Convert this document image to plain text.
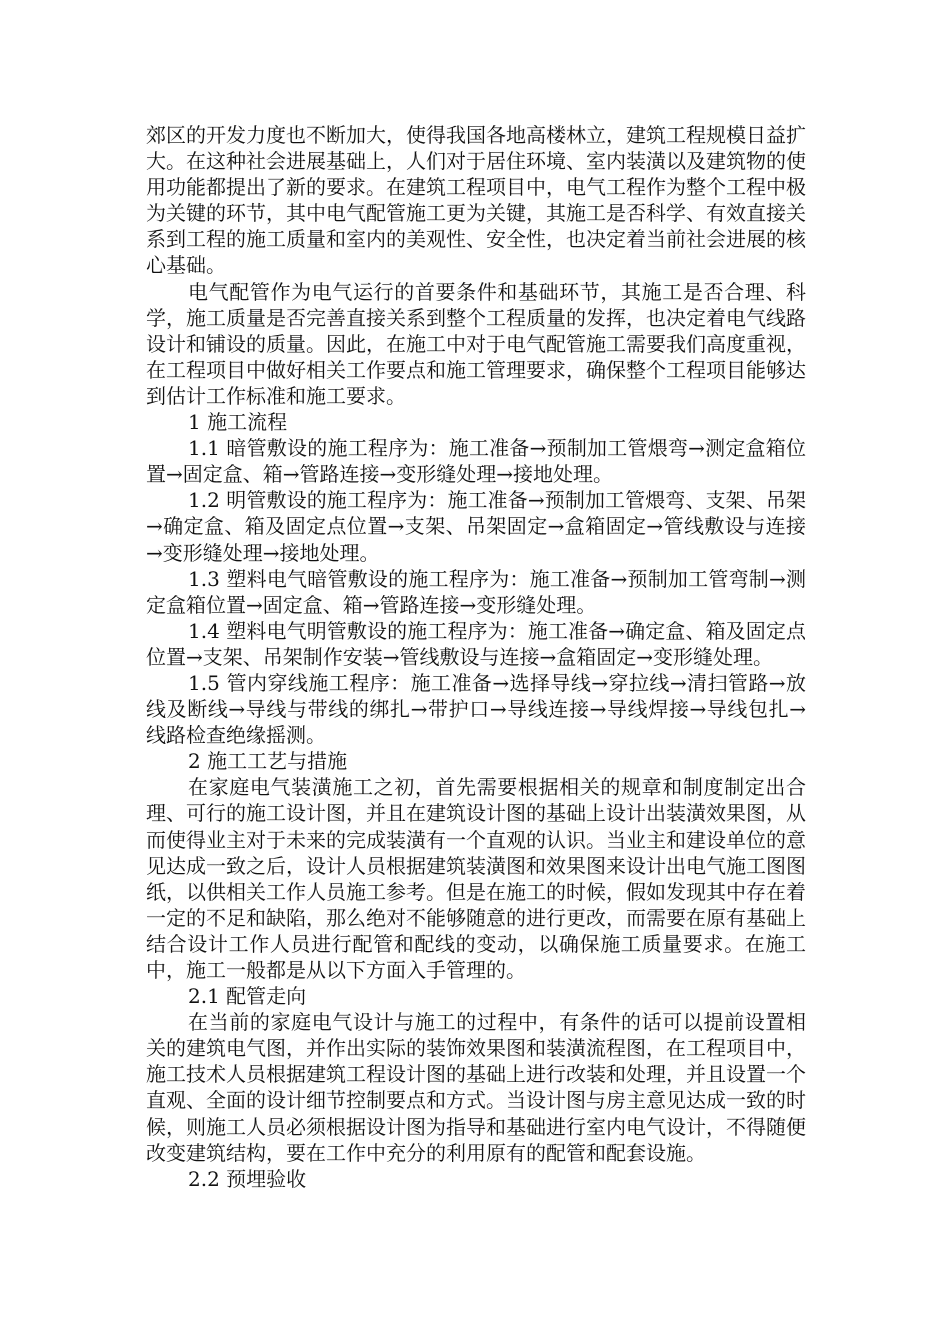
郊区的开发力度也不断加大，使得我国各地高楼林立，建筑工程规模日益扩大。在这种社会进展基础上，人们对于居住环境、室内装潢以及建筑物的使用功能都提出了新的要求。在建筑工程项目中，电气工程作为整个工程中极为关键的环节，其中电气配管施工更为关键，其施工是否科学、有效直接关系到工程的施工质量和室内的美观性、安全性，也决定着当前社会进展的核心基础。

电气配管作为电气运行的首要条件和基础环节，其施工是否合理、科学，施工质量是否完善直接关系到整个工程质量的发挥，也决定着电气线路设计和铺设的质量。因此，在施工中对于电气配管施工需要我们高度重视，在工程项目中做好相关工作要点和施工管理要求，确保整个工程项目能够达到估计工作标准和施工要求。

1 施工流程

1.1 暗管敷设的施工程序为：施工准备→预制加工管煨弯→测定盒箱位置→固定盒、箱→管路连接→变形缝处理→接地处理。

1.2 明管敷设的施工程序为：施工准备→预制加工管煨弯、支架、吊架→确定盒、箱及固定点位置→支架、吊架固定→盒箱固定→管线敷设与连接→变形缝处理→接地处理。

1.3 塑料电气暗管敷设的施工程序为：施工准备→预制加工管弯制→测定盒箱位置→固定盒、箱→管路连接→变形缝处理。

1.4 塑料电气明管敷设的施工程序为：施工准备→确定盒、箱及固定点位置→支架、吊架制作安装→管线敷设与连接→盒箱固定→变形缝处理。

1.5 管内穿线施工程序：施工准备→选择导线→穿拉线→清扫管路→放线及断线→导线与带线的绑扎→带护口→导线连接→导线焊接→导线包扎→线路检查绝缘摇测。

2 施工工艺与措施

在家庭电气装潢施工之初，首先需要根据相关的规章和制度制定出合理、可行的施工设计图，并且在建筑设计图的基础上设计出装潢效果图，从而使得业主对于未来的完成装潢有一个直观的认识。当业主和建设单位的意见达成一致之后，设计人员根据建筑装潢图和效果图来设计出电气施工图图纸，以供相关工作人员施工参考。但是在施工的时候，假如发现其中存在着一定的不足和缺陷，那么绝对不能够随意的进行更改，而需要在原有基础上结合设计工作人员进行配管和配线的变动，以确保施工质量要求。在施工中，施工一般都是从以下方面入手管理的。

2.1 配管走向

在当前的家庭电气设计与施工的过程中，有条件的话可以提前设置相关的建筑电气图，并作出实际的装饰效果图和装潢流程图，在工程项目中，施工技术人员根据建筑工程设计图的基础上进行改装和处理，并且设置一个直观、全面的设计细节控制要点和方式。当设计图与房主意见达成一致的时候，则施工人员必须根据设计图为指导和基础进行室内电气设计，不得随便改变建筑结构，要在工作中充分的利用原有的配管和配套设施。

2.2 预埋验收
